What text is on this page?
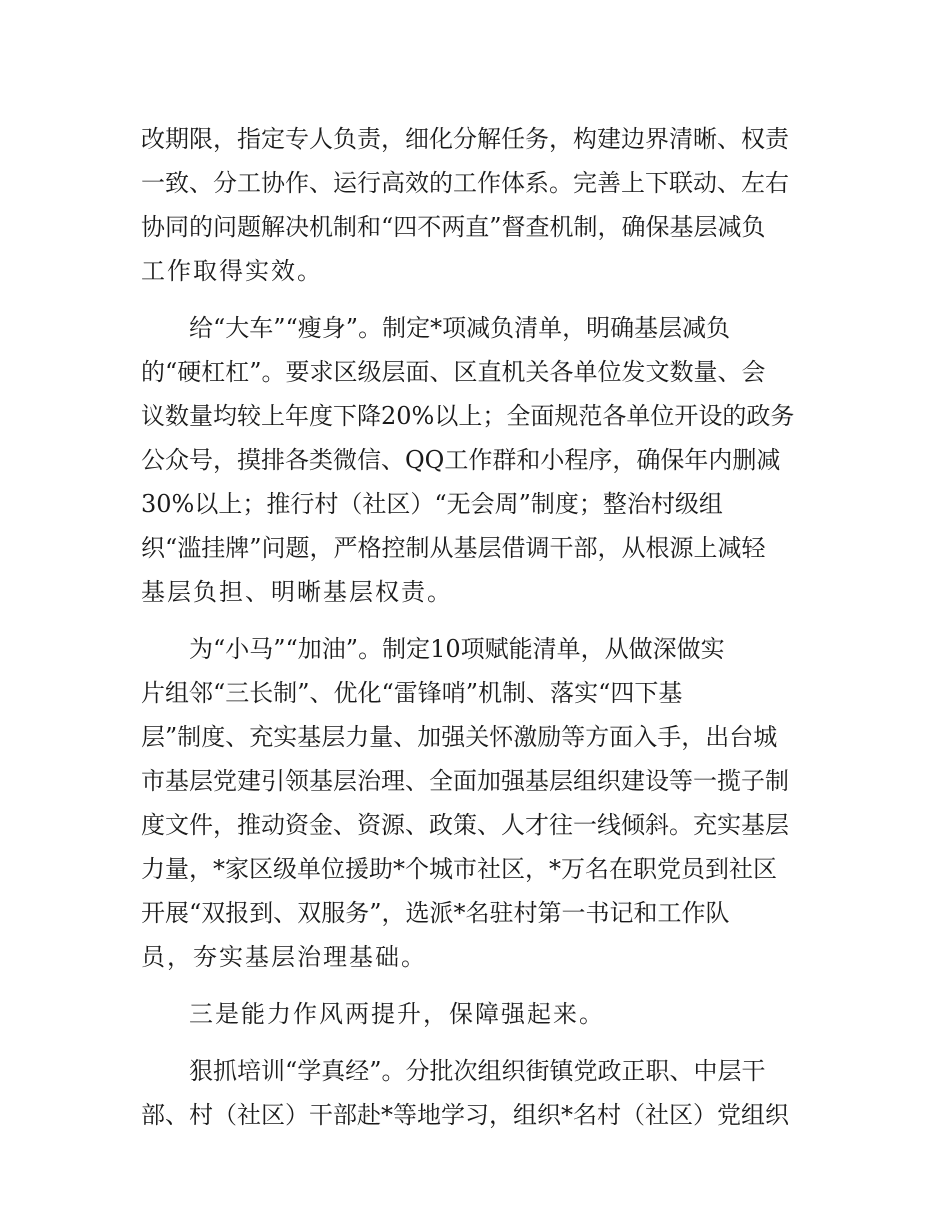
改期限，指定专人负责，细化分解任务，构建边界清晰、权责
一致、分工协作、运行高效的工作体系。完善上下联动、左右
协同的问题解决机制和“四不两直”督查机制，确保基层减负
工作取得实效。
给“大车”“瘦身”。制定*项减负清单，明确基层减负
的“硬杠杠”。要求区级层面、区直机关各单位发文数量、会
议数量均较上年度下降20%以上；全面规范各单位开设的政务
公众号，摸排各类微信、QQ工作群和小程序，确保年内删减
30%以上；推行村（社区）“无会周”制度；整治村级组
织“滥挂牌”问题，严格控制从基层借调干部，从根源上减轻
基层负担、明晰基层权责。
为“小马”“加油”。制定10项赋能清单，从做深做实
片组邻“三长制”、优化“雷锋哨”机制、落实“四下基
层”制度、充实基层力量、加强关怀激励等方面入手，出台城
市基层党建引领基层治理、全面加强基层组织建设等一揽子制
度文件，推动资金、资源、政策、人才往一线倾斜。充实基层
力量，*家区级单位援助*个城市社区，*万名在职党员到社区
开展“双报到、双服务”，选派*名驻村第一书记和工作队
员，夯实基层治理基础。
三是能力作风两提升，保障强起来。
狠抓培训“学真经”。分批次组织街镇党政正职、中层干
部、村（社区）干部赴*等地学习，组织*名村（社区）党组织
